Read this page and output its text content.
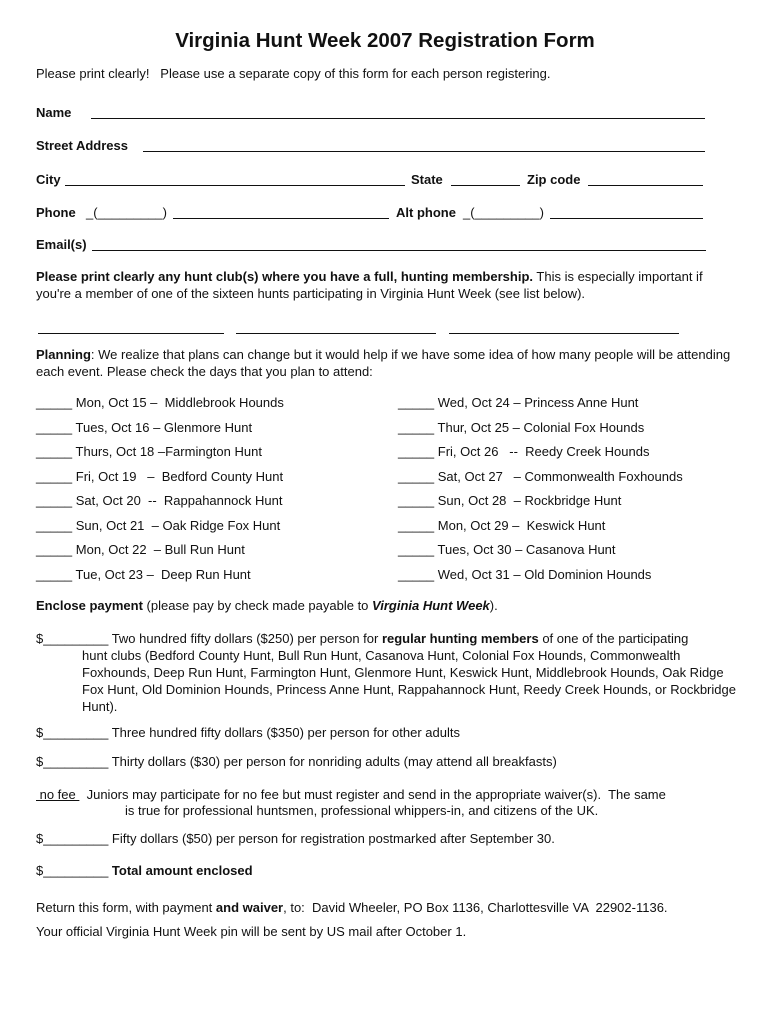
Virginia Hunt Week 2007 Registration Form
Please print clearly!   Please use a separate copy of this form for each person registering.
Name
Street Address
City	State	Zip code
Phone _(_________)	Alt phone _(_________)
Email(s)
Please print clearly any hunt club(s) where you have a full, hunting membership. This is especially important if you're a member of one of the sixteen hunts participating in Virginia Hunt Week (see list below).
Planning: We realize that plans can change but it would help if we have some idea of how many people will be attending each event. Please check the days that you plan to attend:
_____ Mon, Oct 15 –  Middlebrook Hounds
_____ Tues, Oct 16 – Glenmore Hunt
_____ Thurs, Oct 18 –Farmington Hunt
_____ Fri, Oct 19   –  Bedford County Hunt
_____ Sat, Oct 20  --  Rappahannock Hunt
_____ Sun, Oct 21  – Oak Ridge Fox Hunt
_____ Mon, Oct 22  – Bull Run Hunt
_____ Tue, Oct 23 –  Deep Run Hunt
_____ Wed, Oct 24 – Princess Anne Hunt
_____ Thur, Oct 25 – Colonial Fox Hounds
_____ Fri, Oct 26   --  Reedy Creek Hounds
_____ Sat, Oct 27   – Commonwealth Foxhounds
_____ Sun, Oct 28  – Rockbridge Hunt
_____ Mon, Oct 29 –  Keswick Hunt
_____ Tues, Oct 30 – Casanova Hunt
_____ Wed, Oct 31 – Old Dominion Hounds
Enclose payment (please pay by check made payable to Virginia Hunt Week).
$_________ Two hundred fifty dollars ($250) per person for regular hunting members of one of the participating
hunt clubs (Bedford County Hunt, Bull Run Hunt, Casanova Hunt, Colonial Fox Hounds, Commonwealth Foxhounds, Deep Run Hunt, Farmington Hunt, Glenmore Hunt, Keswick Hunt, Middlebrook Hounds, Oak Ridge Fox Hunt, Old Dominion Hounds, Princess Anne Hunt, Rappahannock Hunt, Reedy Creek Hounds, or Rockbridge Hunt).
$_________ Three hundred fifty dollars ($350) per person for other adults
$_________ Thirty dollars ($30) per person for nonriding adults (may attend all breakfasts)
no fee   Juniors may participate for no fee but must register and send in the appropriate waiver(s).  The same
is true for professional huntsmen, professional whippers-in, and citizens of the UK.
$_________ Fifty dollars ($50) per person for registration postmarked after September 30.
$_________ Total amount enclosed
Return this form, with payment and waiver, to:  David Wheeler, PO Box 1136, Charlottesville VA  22902-1136.
Your official Virginia Hunt Week pin will be sent by US mail after October 1.
